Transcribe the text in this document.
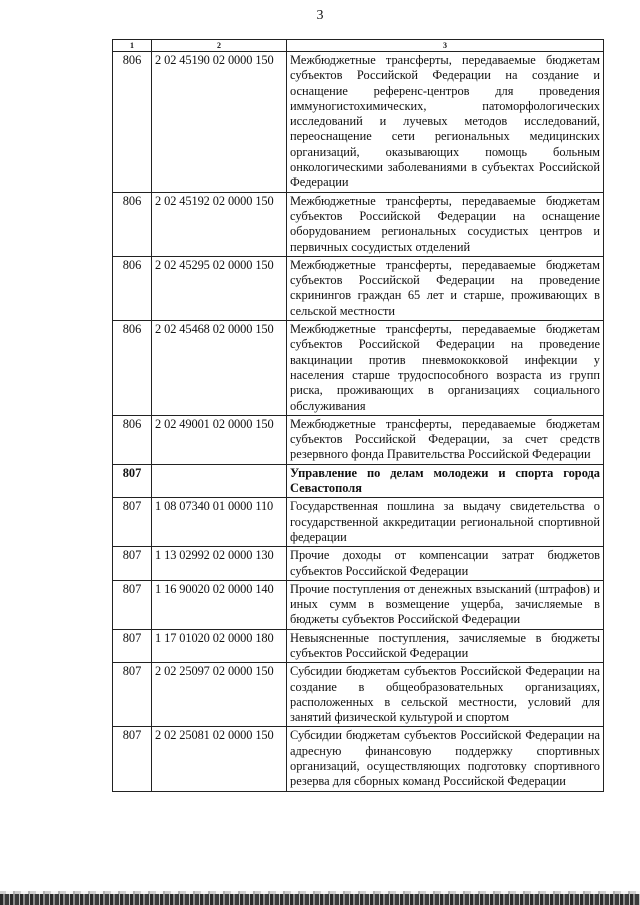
3
1	2	3
806	2 02 45190 02 0000 150	Межбюджетные трансферты, передаваемые бюджетам субъектов Российской Федерации на создание и оснащение референс-центров для проведения иммуногистохимических, патоморфологических исследований и лучевых методов исследований, переоснащение сети региональных медицинских организаций, оказывающих помощь больным онкологическими заболеваниями в субъектах Российской Федерации
806	2 02 45192 02 0000 150	Межбюджетные трансферты, передаваемые бюджетам субъектов Российской Федерации на оснащение оборудованием региональных сосудистых центров и первичных сосудистых отделений
806	2 02 45295 02 0000 150	Межбюджетные трансферты, передаваемые бюджетам субъектов Российской Федерации на проведение скринингов граждан 65 лет и старше, проживающих в сельской местности
806	2 02 45468 02 0000 150	Межбюджетные трансферты, передаваемые бюджетам субъектов Российской Федерации на проведение вакцинации против пневмококковой инфекции у населения старше трудоспособного возраста из групп риска, проживающих в организациях социального обслуживания
806	2 02 49001 02 0000 150	Межбюджетные трансферты, передаваемые бюджетам субъектов Российской Федерации, за счет средств резервного фонда Правительства Российской Федерации
807		Управление по делам молодежи и спорта города Севастополя
807	1 08 07340 01 0000 110	Государственная пошлина за выдачу свидетельства о государственной аккредитации региональной спортивной федерации
807	1 13 02992 02 0000 130	Прочие доходы от компенсации затрат бюджетов субъектов Российской Федерации
807	1 16 90020 02 0000 140	Прочие поступления от денежных взысканий (штрафов) и иных сумм в возмещение ущерба, зачисляемые в бюджеты субъектов Российской Федерации
807	1 17 01020 02 0000 180	Невыясненные поступления, зачисляемые в бюджеты субъектов Российской Федерации
807	2 02 25097 02 0000 150	Субсидии бюджетам субъектов Российской Федерации на создание в общеобразовательных организациях, расположенных в сельской местности, условий для занятий физической культурой и спортом
807	2 02 25081 02 0000 150	Субсидии бюджетам субъектов Российской Федерации на адресную финансовую поддержку спортивных организаций, осуществляющих подготовку спортивного резерва для сборных команд Российской Федерации
